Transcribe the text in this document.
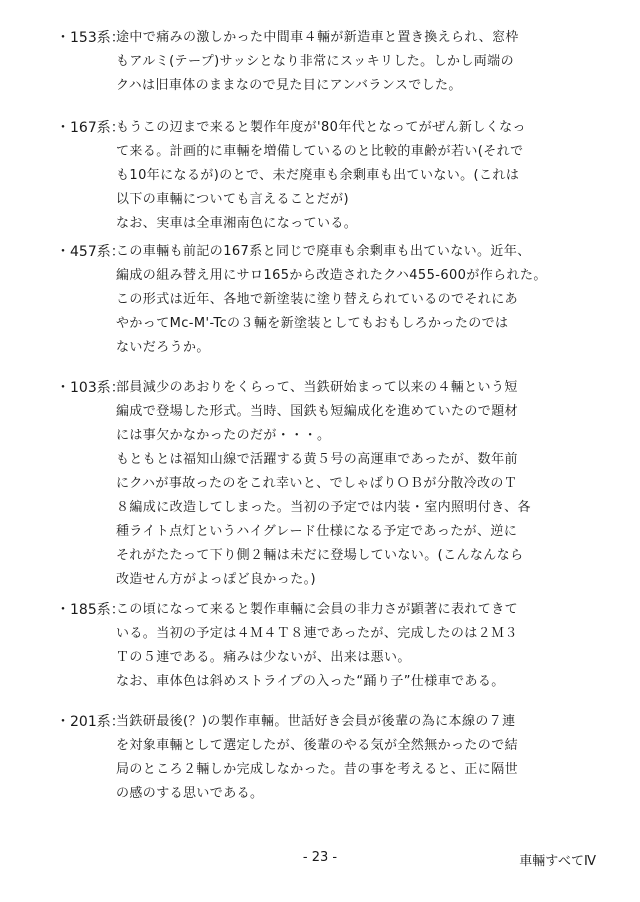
・153系：
途中で痛みの激しかった中間車４輛が新造車と置き換えられ、窓枠
もアルミ(テープ)サッシとなり非常にスッキリした。しかし両端の
クハは旧車体のままなので見た目にアンバランスでした。
・167系：
もうこの辺まで来ると製作年度が'80年代となってがぜん新しくなっ
て来る。計画的に車輛を増備しているのと比較的車齢が若い(それで
も10年になるが)のとで、未だ廃車も余剰車も出ていない。(これは
以下の車輛についても言えることだが)
なお、実車は全車湘南色になっている。
・457系：
この車輛も前記の167系と同じで廃車も余剰車も出ていない。近年、
編成の組み替え用にサロ165から改造されたクハ455-600が作られた。
この形式は近年、各地で新塗装に塗り替えられているのでそれにあ
やかってMc-M'-Tcの３輛を新塗装としてもおもしろかったのでは
ないだろうか。
・103系：
部員減少のあおりをくらって、当鉄研始まって以来の４輛という短
編成で登場した形式。当時、国鉄も短編成化を進めていたので題材
には事欠かなかったのだが・・・。
もともとは福知山線で活躍する黄５号の高運車であったが、数年前
にクハが事故ったのをこれ幸いと、でしゃばりＯＢが分散冷改のＴ
８編成に改造してしまった。当初の予定では内装・室内照明付き、各
種ライト点灯というハイグレード仕様になる予定であったが、逆に
それがたたって下り側２輛は未だに登場していない。(こんなんなら
改造せん方がよっぽど良かった。)
・185系：
この頃になって来ると製作車輛に会員の非力さが顕著に表れてきて
いる。当初の予定は４Ｍ４Ｔ８連であったが、完成したのは２Ｍ３
Ｔの５連である。痛みは少ないが、出来は悪い。
なお、車体色は斜めストライプの入った“踊り子”仕様車である。
・201系：
当鉄研最後(？)の製作車輛。世話好き会員が後輩の為に本線の７連
を対象車輛として選定したが、後輩のやる気が全然無かったので結
局のところ２輛しか完成しなかった。昔の事を考えると、正に隔世
の感のする思いである。
- 23 -	車輛すべてⅣ
